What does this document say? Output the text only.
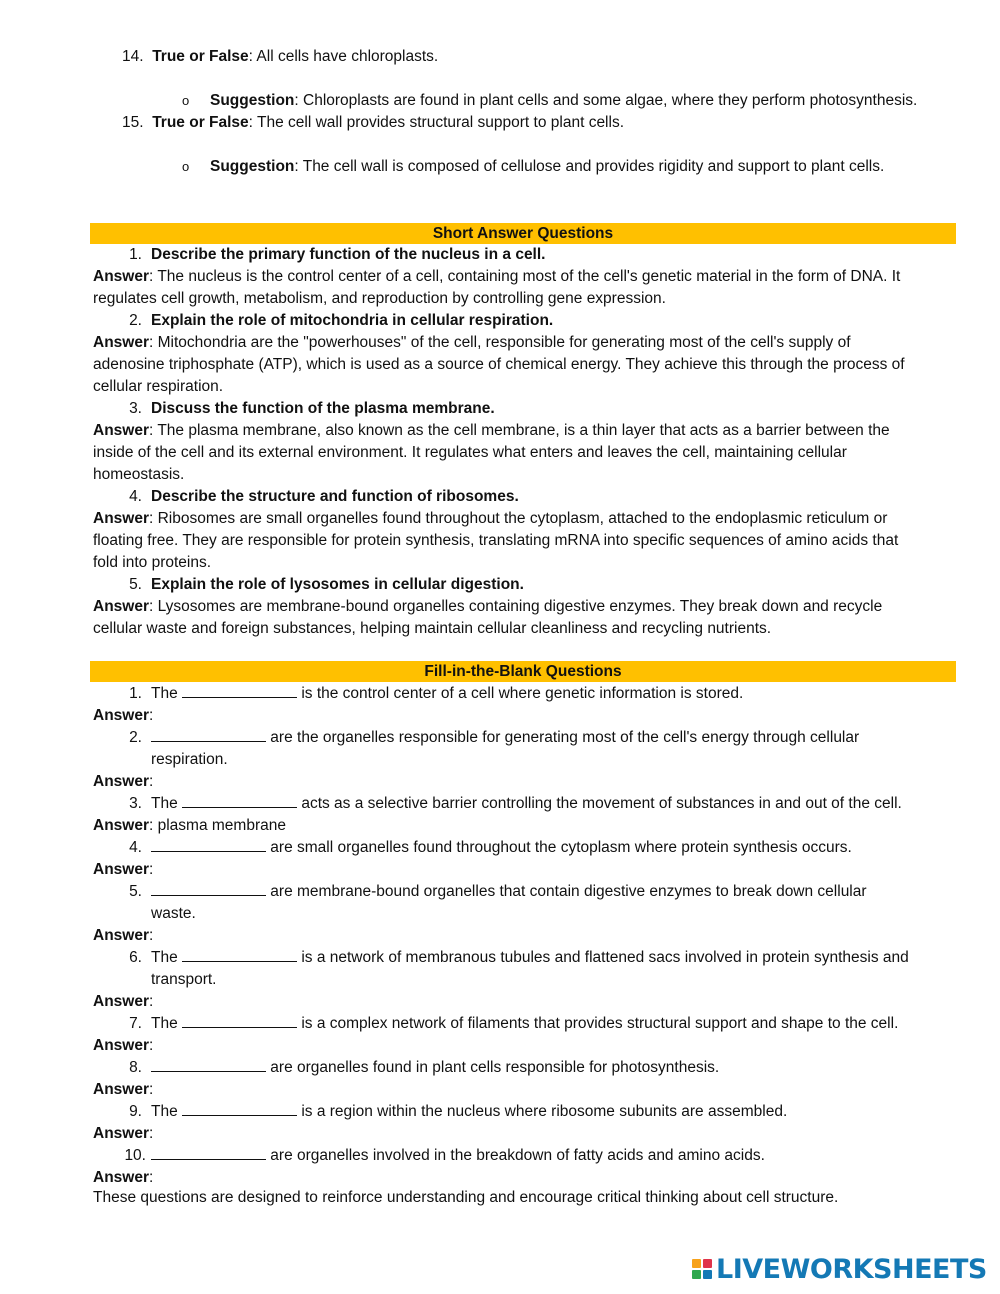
14. True or False: All cells have chloroplasts.
o Suggestion: Chloroplasts are found in plant cells and some algae, where they perform photosynthesis.
15. True or False: The cell wall provides structural support to plant cells.
o Suggestion: The cell wall is composed of cellulose and provides rigidity and support to plant cells.
Short Answer Questions
1. Describe the primary function of the nucleus in a cell.
Answer: The nucleus is the control center of a cell, containing most of the cell's genetic material in the form of DNA. It
regulates cell growth, metabolism, and reproduction by controlling gene expression.
2. Explain the role of mitochondria in cellular respiration.
Answer: Mitochondria are the "powerhouses" of the cell, responsible for generating most of the cell's supply of
adenosine triphosphate (ATP), which is used as a source of chemical energy. They achieve this through the process of
cellular respiration.
3. Discuss the function of the plasma membrane.
Answer: The plasma membrane, also known as the cell membrane, is a thin layer that acts as a barrier between the
inside of the cell and its external environment. It regulates what enters and leaves the cell, maintaining cellular
homeostasis.
4. Describe the structure and function of ribosomes.
Answer: Ribosomes are small organelles found throughout the cytoplasm, attached to the endoplasmic reticulum or
floating free. They are responsible for protein synthesis, translating mRNA into specific sequences of amino acids that
fold into proteins.
5. Explain the role of lysosomes in cellular digestion.
Answer: Lysosomes are membrane-bound organelles containing digestive enzymes. They break down and recycle
cellular waste and foreign substances, helping maintain cellular cleanliness and recycling nutrients.
Fill-in-the-Blank Questions
1. The	is the control center of a cell where genetic information is stored.
Answer:
2.	are the organelles responsible for generating most of the cell's energy through cellular
respiration.
Answer:
3. The	acts as a selective barrier controlling the movement of substances in and out of the cell.
Answer: plasma membrane
4.	are small organelles found throughout the cytoplasm where protein synthesis occurs.
Answer:
5.	are membrane-bound organelles that contain digestive enzymes to break down cellular
waste.
Answer:
6. The	is a network of membranous tubules and flattened sacs involved in protein synthesis and
transport.
Answer:
7. The	is a complex network of filaments that provides structural support and shape to the cell.
Answer:
8.	are organelles found in plant cells responsible for photosynthesis.
Answer:
9. The	is a region within the nucleus where ribosome subunits are assembled.
Answer:
10.	are organelles involved in the breakdown of fatty acids and amino acids.
Answer:
These questions are designed to reinforce understanding and encourage critical thinking about cell structure.
LIVEWORKSHEETS
